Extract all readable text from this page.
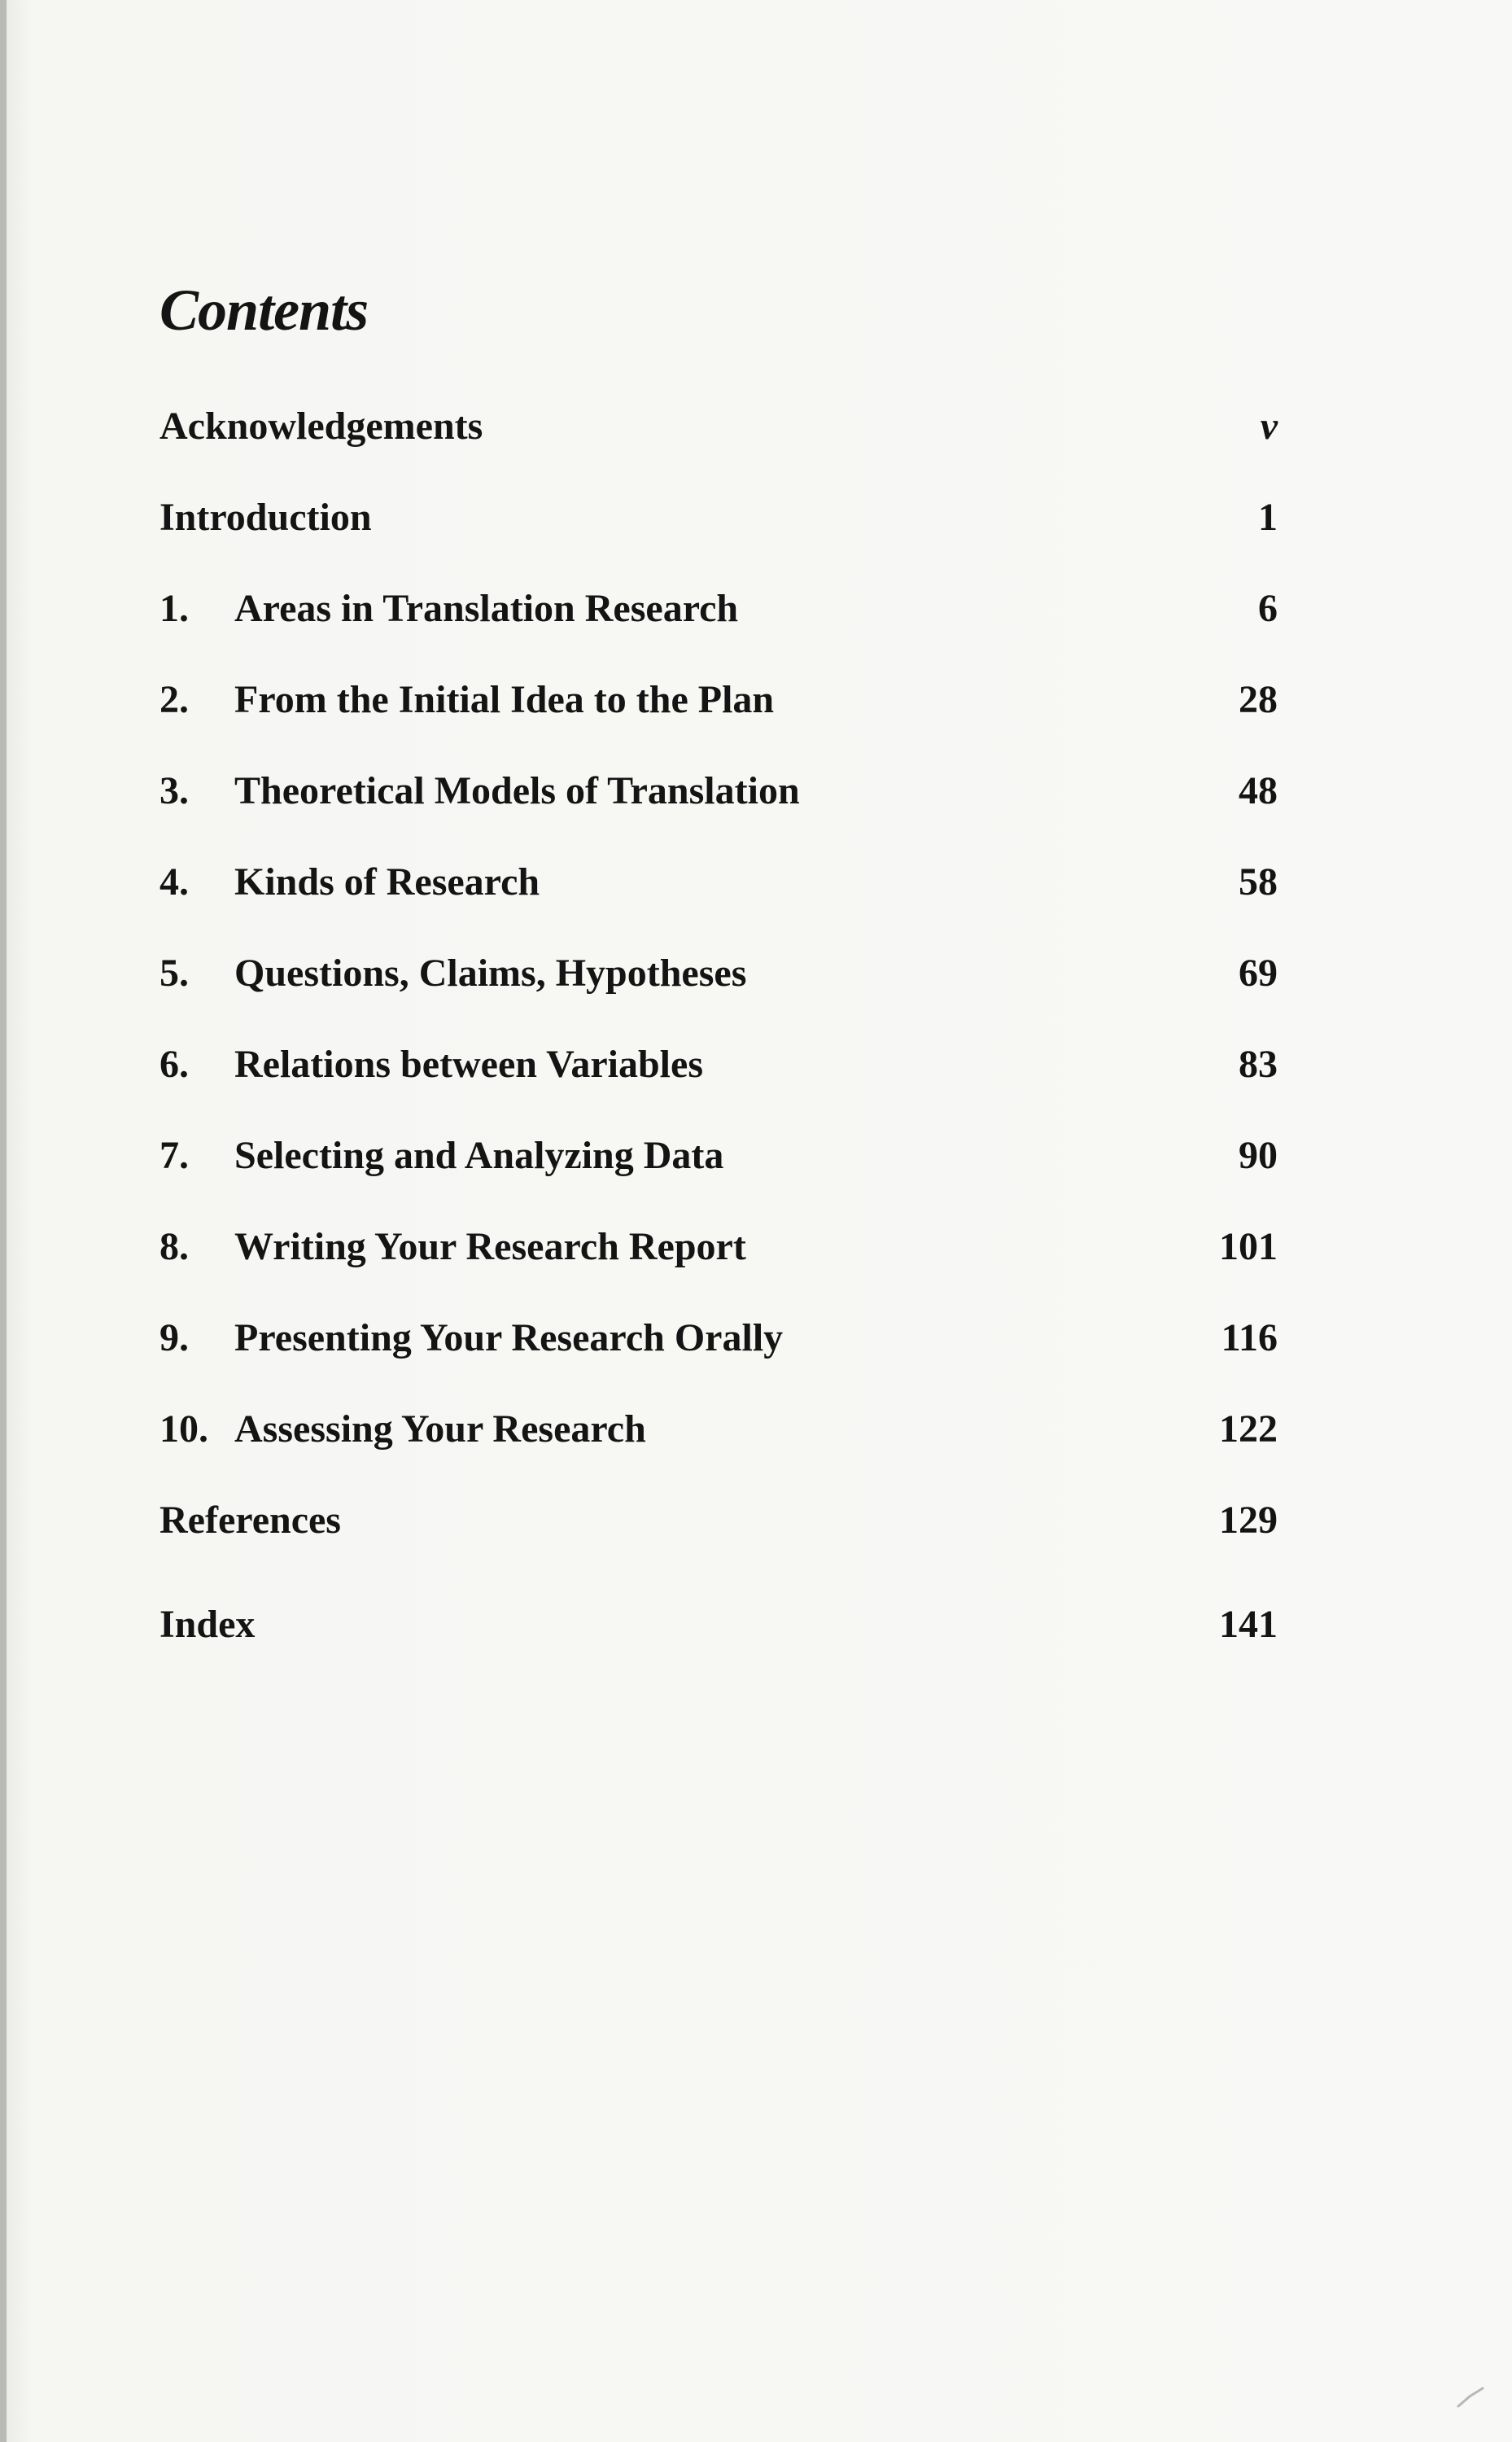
Contents
Acknowledgements	v
Introduction	1
1.	Areas in Translation Research	6
2.	From the Initial Idea to the Plan	28
3.	Theoretical Models of Translation	48
4.	Kinds of Research	58
5.	Questions, Claims, Hypotheses	69
6.	Relations between Variables	83
7.	Selecting and Analyzing Data	90
8.	Writing Your Research Report	101
9.	Presenting Your Research Orally	116
10. Assessing Your Research	122
References	129
Index	141
